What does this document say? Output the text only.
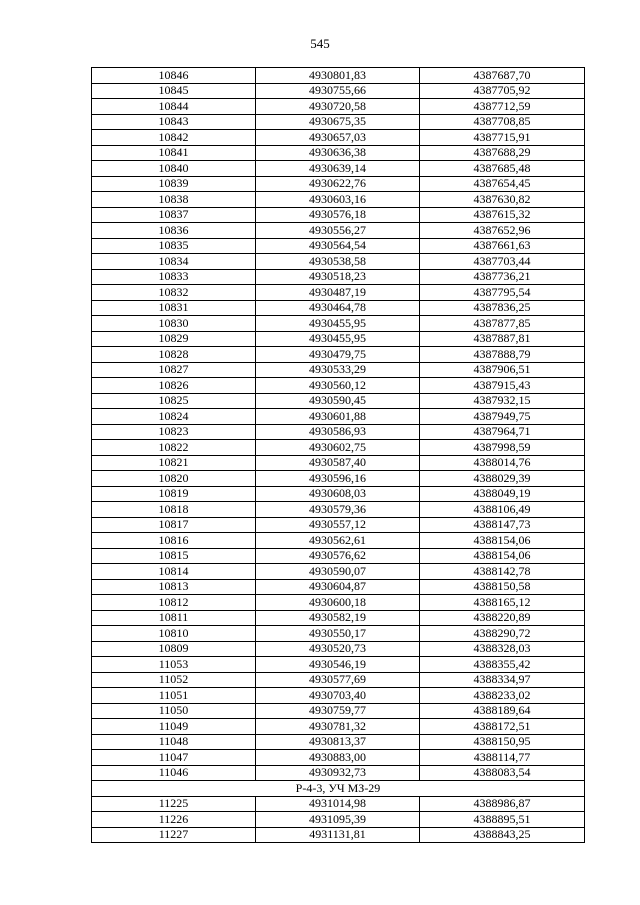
545
10846	4930801,83	4387687,70
10845	4930755,66	4387705,92
10844	4930720,58	4387712,59
10843	4930675,35	4387708,85
10842	4930657,03	4387715,91
10841	4930636,38	4387688,29
10840	4930639,14	4387685,48
10839	4930622,76	4387654,45
10838	4930603,16	4387630,82
10837	4930576,18	4387615,32
10836	4930556,27	4387652,96
10835	4930564,54	4387661,63
10834	4930538,58	4387703,44
10833	4930518,23	4387736,21
10832	4930487,19	4387795,54
10831	4930464,78	4387836,25
10830	4930455,95	4387877,85
10829	4930455,95	4387887,81
10828	4930479,75	4387888,79
10827	4930533,29	4387906,51
10826	4930560,12	4387915,43
10825	4930590,45	4387932,15
10824	4930601,88	4387949,75
10823	4930586,93	4387964,71
10822	4930602,75	4387998,59
10821	4930587,40	4388014,76
10820	4930596,16	4388029,39
10819	4930608,03	4388049,19
10818	4930579,36	4388106,49
10817	4930557,12	4388147,73
10816	4930562,61	4388154,06
10815	4930576,62	4388154,06
10814	4930590,07	4388142,78
10813	4930604,87	4388150,58
10812	4930600,18	4388165,12
10811	4930582,19	4388220,89
10810	4930550,17	4388290,72
10809	4930520,73	4388328,03
11053	4930546,19	4388355,42
11052	4930577,69	4388334,97
11051	4930703,40	4388233,02
11050	4930759,77	4388189,64
11049	4930781,32	4388172,51
11048	4930813,37	4388150,95
11047	4930883,00	4388114,77
11046	4930932,73	4388083,54
Р-4-3, УЧ МЗ-29		
11225	4931014,98	4388986,87
11226	4931095,39	4388895,51
11227	4931131,81	4388843,25
